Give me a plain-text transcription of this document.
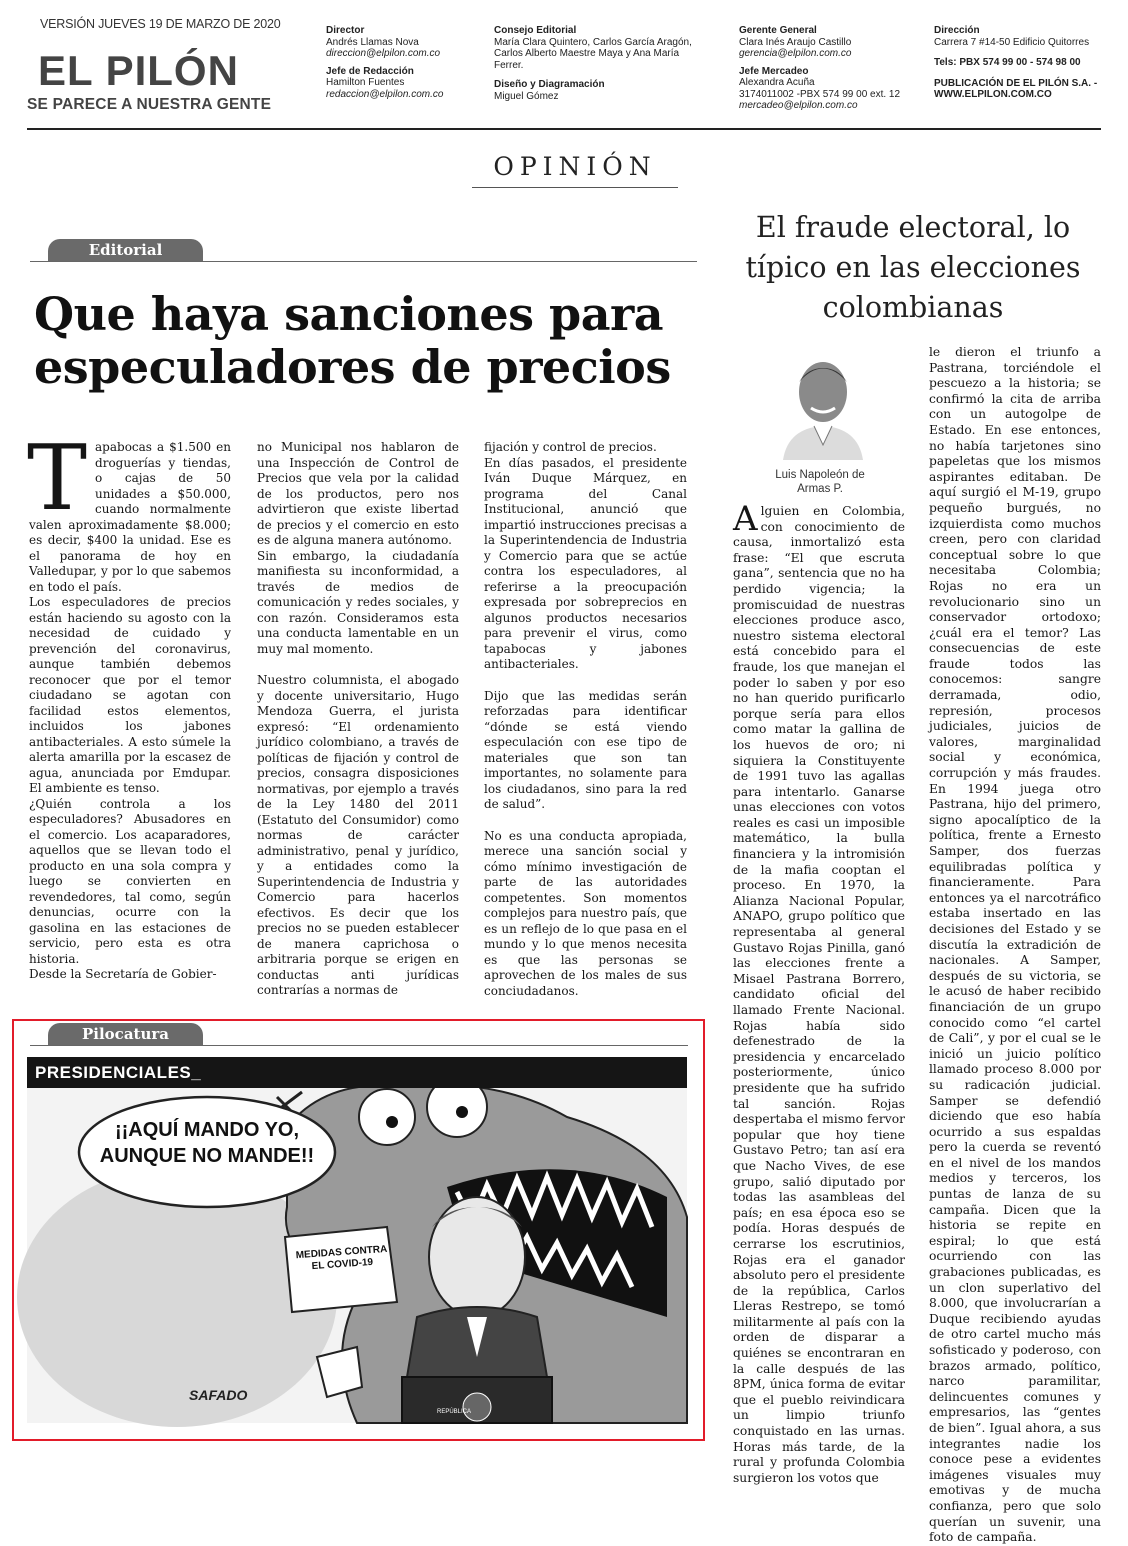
VERSIÓN JUEVES 19 DE MARZO DE 2020
EL PILÓN
SE PARECE A NUESTRA GENTE
Director
Andrés Llamas Nova
direccion@elpilon.com.co
Jefe de Redacción
Hamilton Fuentes
redaccion@elpilon.com.co
Consejo Editorial
María Clara Quintero, Carlos García Aragón, Carlos Alberto Maestre Maya y Ana María Ferrer.
Diseño y Diagramación
Miguel Gómez
Gerente General
Clara Inés Araujo Castillo
gerencia@elpilon.com.co
Jefe Mercadeo
Alexandra Acuña
3174011002 -PBX 574 99 00 ext. 12
mercadeo@elpilon.com.co
Dirección
Carrera 7 #14-50 Edificio Quitorres
Tels: PBX 574 99 00 - 574 98 00
PUBLICACIÓN DE EL PILÓN S.A. - WWW.ELPILON.COM.CO
OPINIÓN
Editorial
Que haya sanciones para especuladores de precios

Tapabocas a $1.500 en droguerías y tiendas, o cajas de 50 unidades a $50.000, cuando normalmente valen aproximadamente $8.000; es decir, $400 la unidad. Ese es el panorama de hoy en Valledupar, y por lo que sabemos en todo el país.

Los especuladores de precios están haciendo su agosto con la necesidad de cuidado y prevención del coronavirus, aunque también debemos reconocer que por el temor ciudadano se agotan con facilidad estos elementos, incluidos los jabones antibacteriales. A esto súmele la alerta amarilla por la escasez de agua, anunciada por Emdupar. El ambiente es tenso.

¿Quién controla a los especuladores? Abusadores en el comercio. Los acaparadores, aquellos que se llevan todo el producto en una sola compra y luego se convierten en revendedores, tal como, según denuncias, ocurre con la gasolina en las estaciones de servicio, pero esta es otra historia.

Desde la Secretaría de Gobier-

no Municipal nos hablaron de una Inspección de Control de Precios que vela por la calidad de los productos, pero nos advirtieron que existe libertad de precios y el comercio en esto es de alguna manera autónomo.

Sin embargo, la ciudadanía manifiesta su inconformidad, a través de medios de comunicación y redes sociales, y con razón. Consideramos esta una conducta lamentable en un muy mal momento.

Nuestro columnista, el abogado y docente universitario, Hugo Mendoza Guerra, el jurista expresó: “El ordenamiento jurídico colombiano, a través de políticas de fijación y control de precios, consagra disposiciones normativas, por ejemplo a través de la Ley 1480 del 2011 (Estatuto del Consumidor) como normas de carácter administrativo, penal y jurídico, y a entidades como la Superintendencia de Industria y Comercio para hacerlos efectivos. Es decir que los precios no se pueden establecer de manera caprichosa o arbitraria porque se erigen en conductas anti jurídicas contrarías a normas de

fijación y control de precios.

En días pasados, el presidente Iván Duque Márquez, en programa del Canal Institucional, anunció que impartió instrucciones precisas a la Superintendencia de Industria y Comercio para que se actúe contra los especuladores, al referirse a la preocupación expresada por sobreprecios en algunos productos necesarios para prevenir el virus, como tapabocas y jabones antibacteriales.

Dijo que las medidas serán reforzadas para identificar “dónde se está viendo especulación con ese tipo de materiales que son tan importantes, no solamente para los ciudadanos, sino para la red de salud”.

No es una conducta apropiada, merece una sanción social y cómo mínimo investigación de parte de las autoridades competentes. Son momentos complejos para nuestro país, que es un reflejo de lo que pasa en el mundo y lo que menos necesita es que las personas se aprovechen de los males de sus conciudadanos.

Pilocatura
PRESIDENCIALES_
¡¡AQUÍ MANDO YO, AUNQUE NO MANDE!!
MEDIDAS CONTRA EL COVID-19
REPÚBLICA
SAFADO
El fraude electoral, lo típico en las elecciones colombianas
Luis Napoleón de Armas P.

Alguien en Colombia, con conocimiento de causa, inmortalizó esta frase: “El que escruta gana”, sentencia que no ha perdido vigencia; la promiscuidad de nuestras elecciones produce asco, nuestro sistema electoral está concebido para el fraude, los que manejan el poder lo saben y por eso no han querido purificarlo porque sería para ellos como matar la gallina de los huevos de oro; ni siquiera la Constituyente de 1991 tuvo las agallas para intentarlo. Ganarse unas elecciones con votos reales es casi un imposible matemático, la bulla financiera y la intromisión de la mafia cooptan el proceso. En 1970, la Alianza Nacional Popular, ANAPO, grupo político que representaba al general Gustavo Rojas Pinilla, ganó las elecciones frente a Misael Pastrana Borrero, candidato oficial del llamado Frente Nacional. Rojas había sido defenestrado de la presidencia y encarcelado posteriormente, único presidente que ha sufrido tal sanción. Rojas despertaba el mismo fervor popular que hoy tiene Gustavo Petro; tan así era que Nacho Vives, de ese grupo, salió diputado por todas las asambleas del país; en esa época eso se podía. Horas después de cerrarse los escrutinios, Rojas era el ganador absoluto pero el presidente de la república, Carlos Lleras Restrepo, se tomó militarmente al país con la orden de disparar a quiénes se encontraran en la calle después de las 8PM, única forma de evitar que el pueblo reivindicara un limpio triunfo conquistado en las urnas. Horas más tarde, de la rural y profunda Colombia surgieron los votos que

le dieron el triunfo a Pastrana, torciéndole el pescuezo a la historia; se confirmó la cita de arriba con un autogolpe de Estado. En ese entonces, no había tarjetones sino papeletas que los mismos aspirantes editaban. De aquí surgió el M-19, grupo pequeño burgués, no izquierdista como muchos creen, pero con claridad conceptual sobre lo que necesitaba Colombia; Rojas no era un revolucionario sino un conservador ortodoxo; ¿cuál era el temor? Las consecuencias de este fraude todos las conocemos: sangre derramada, odio, represión, procesos judiciales, juicios de valores, marginalidad social y económica, corrupción y más fraudes. En 1994 juega otro Pastrana, hijo del primero, signo apocalíptico de la política, frente a Ernesto Samper, dos fuerzas equilibradas política y financieramente. Para entonces ya el narcotráfico estaba insertado en las decisiones del Estado y se discutía la extradición de nacionales. A Samper, después de su victoria, se le acusó de haber recibido financiación de un grupo conocido como “el cartel de Cali”, y por el cual se le inició un juicio político llamado proceso 8.000 por su radicación judicial. Samper se defendió diciendo que eso había ocurrido a sus espaldas pero la cuerda se reventó en el nivel de los mandos medios y terceros, los puntas de lanza de su campaña. Dicen que la historia se repite en espiral; lo que está ocurriendo con las grabaciones publicadas, es un clon superlativo del 8.000, que involucrarían a Duque recibiendo ayudas de otro cartel mucho más sofisticado y poderoso, con brazos armado, político, narco paramilitar, delincuentes comunes y empresarios, las “gentes de bien”. Igual ahora, a sus integrantes nadie los conoce pese a evidentes imágenes visuales muy emotivas y de mucha confianza, pero que solo querían un suvenir, una foto de campaña.
